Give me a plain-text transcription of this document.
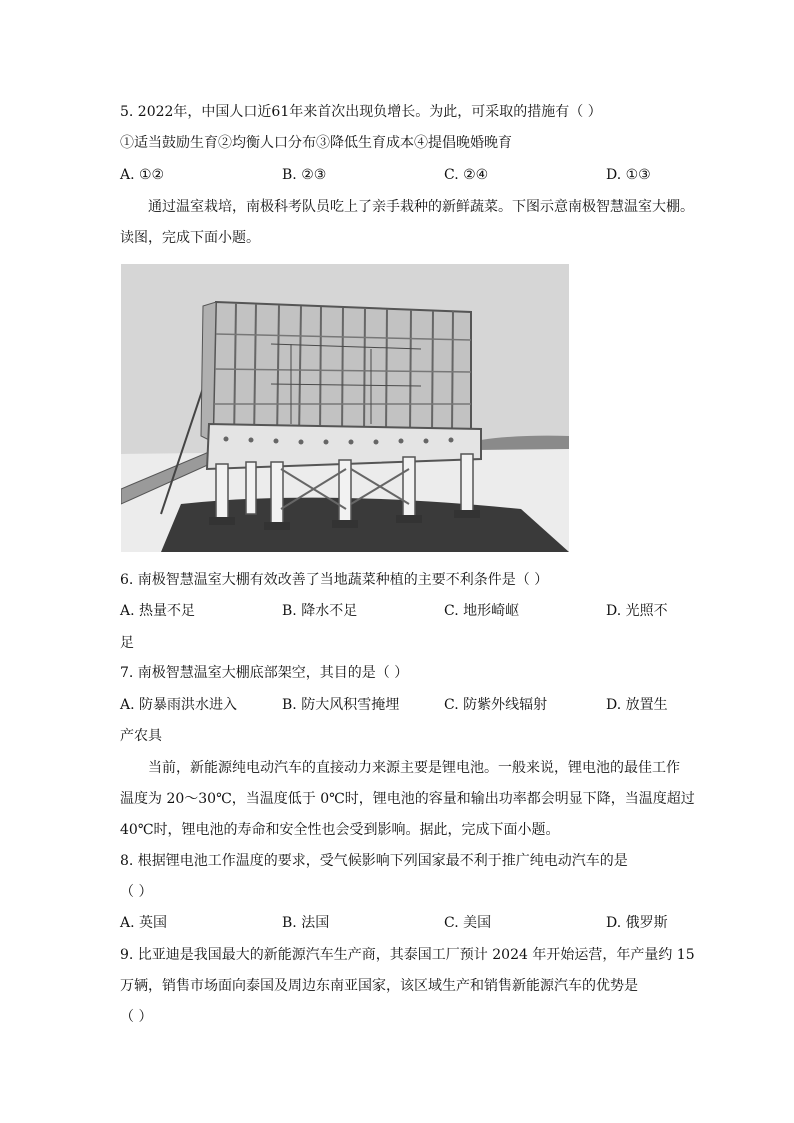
5. 2022年，中国人口近61年来首次出现负增长。为此，可采取的措施有（ ）
①适当鼓励生育②均衡人口分布③降低生育成本④提倡晚婚晚育
A. ①②	B. ②③	C. ②④	D. ①③
通过温室栽培，南极科考队员吃上了亲手栽种的新鲜蔬菜。下图示意南极智慧温室大棚。
读图，完成下面小题。
6. 南极智慧温室大棚有效改善了当地蔬菜种植的主要不利条件是（ ）
A. 热量不足	B. 降水不足	C. 地形崎岖	D. 光照不
足
7. 南极智慧温室大棚底部架空，其目的是（ ）
A. 防暴雨洪水进入	B. 防大风积雪掩埋	C. 防紫外线辐射	D. 放置生
产农具
当前，新能源纯电动汽车的直接动力来源主要是锂电池。一般来说，锂电池的最佳工作
温度为 20～30℃，当温度低于 0℃时，锂电池的容量和输出功率都会明显下降，当温度超过
40℃时，锂电池的寿命和安全性也会受到影响。据此，完成下面小题。
8. 根据锂电池工作温度的要求，受气候影响下列国家最不利于推广纯电动汽车的是
（ ）
A. 英国	B. 法国	C. 美国	D. 俄罗斯
9. 比亚迪是我国最大的新能源汽车生产商，其泰国工厂预计 2024 年开始运营，年产量约 15
万辆，销售市场面向泰国及周边东南亚国家，该区域生产和销售新能源汽车的优势是
（ ）
